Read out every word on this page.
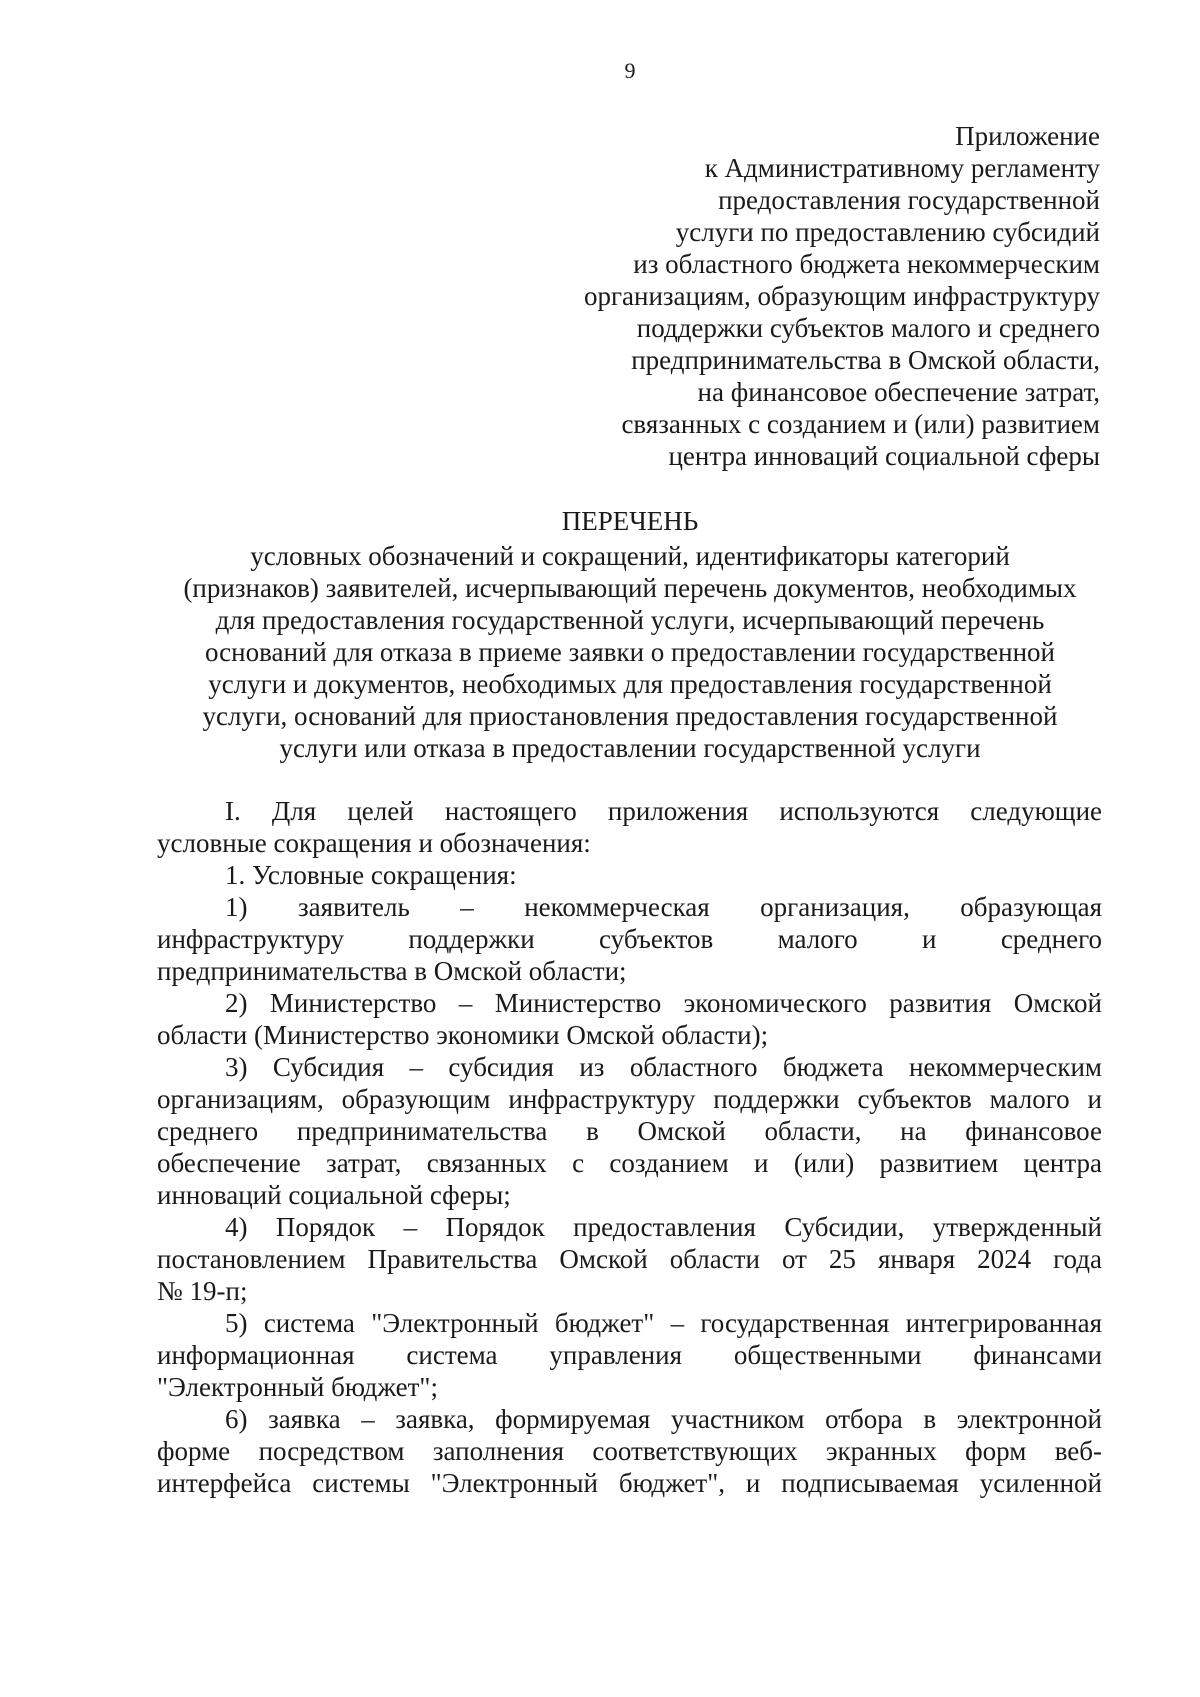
9
Приложение
к Административному регламенту
предоставления государственной
услуги по предоставлению субсидий
из областного бюджета некоммерческим
организациям, образующим инфраструктуру
поддержки субъектов малого и среднего
предпринимательства в Омской области,
на финансовое обеспечение затрат,
связанных с созданием и (или) развитием
центра инноваций социальной сферы
ПЕРЕЧЕНЬ
условных обозначений и сокращений, идентификаторы категорий
(признаков) заявителей, исчерпывающий перечень документов, необходимых
для предоставления государственной услуги, исчерпывающий перечень
оснований для отказа в приеме заявки о предоставлении государственной
услуги и документов, необходимых для предоставления государственной
услуги, оснований для приостановления предоставления государственной
услуги или отказа в предоставлении государственной услуги
I. Для целей настоящего приложения используются следующие
условные сокращения и обозначения:
1. Условные сокращения:
1) заявитель – некоммерческая организация, образующая
инфраструктуру поддержки субъектов малого и среднего
предпринимательства в Омской области;
2) Министерство – Министерство экономического развития Омской
области (Министерство экономики Омской области);
3) Субсидия – субсидия из областного бюджета некоммерческим
организациям, образующим инфраструктуру поддержки субъектов малого и
среднего предпринимательства в Омской области, на финансовое
обеспечение затрат, связанных с созданием и (или) развитием центра
инноваций социальной сферы;
4) Порядок – Порядок предоставления Субсидии, утвержденный
постановлением Правительства Омской области от 25 января 2024 года
№ 19-п;
5) система "Электронный бюджет" – государственная интегрированная
информационная система управления общественными финансами
"Электронный бюджет";
6) заявка – заявка, формируемая участником отбора в электронной
форме посредством заполнения соответствующих экранных форм веб-
интерфейса системы "Электронный бюджет", и подписываемая усиленной
